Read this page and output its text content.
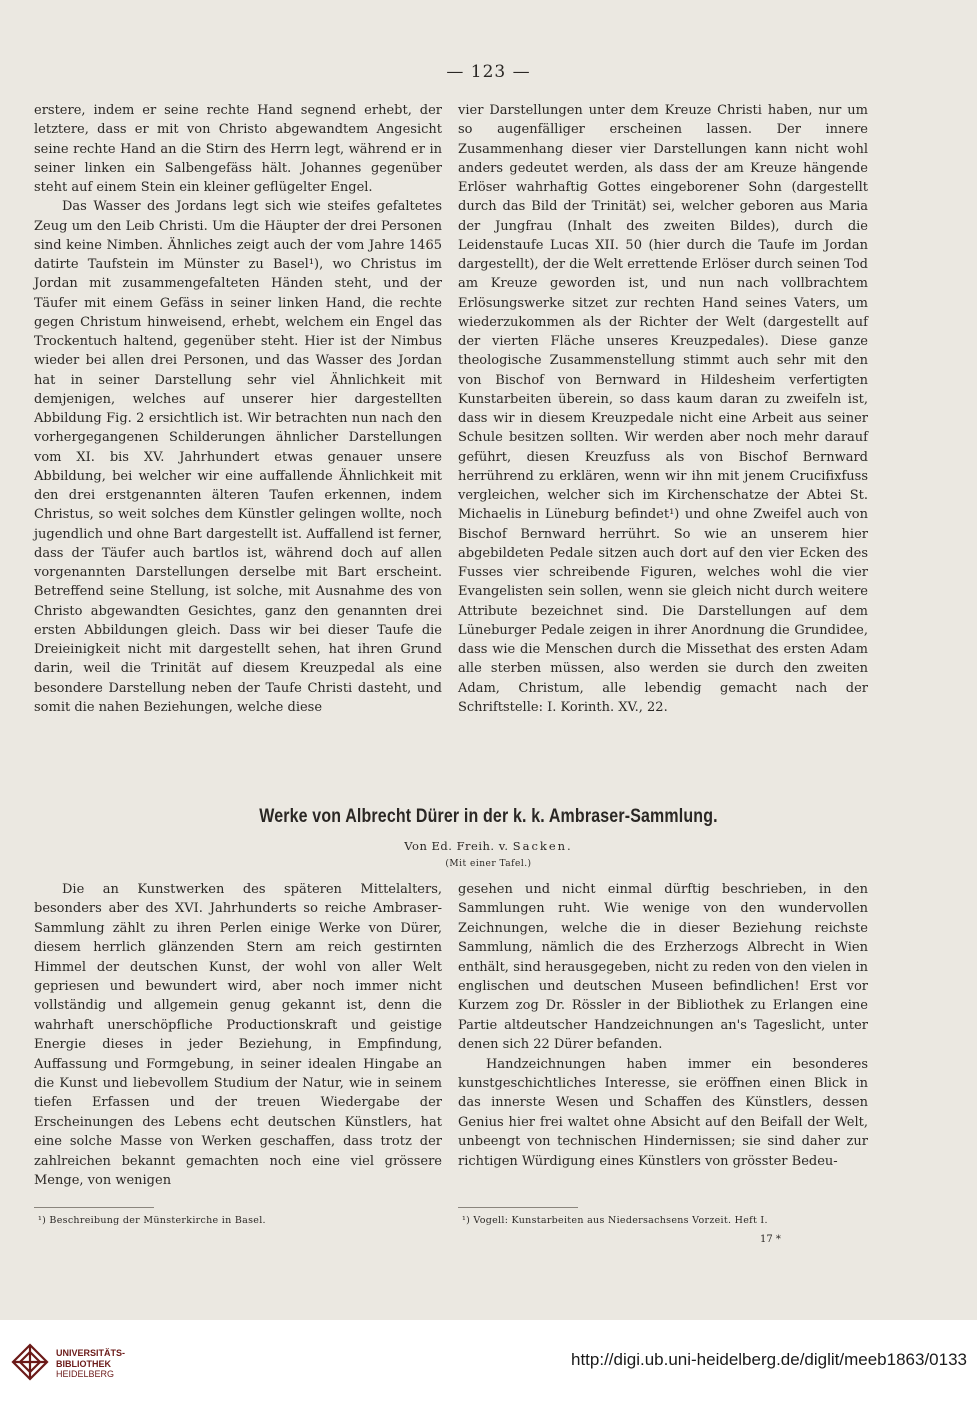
— 123 —

erstere, indem er seine rechte Hand segnend erhebt, der letztere, dass er mit von Christo abgewandtem Angesicht seine rechte Hand an die Stirn des Herrn legt, während er in seiner linken ein Salbengefäss hält. Johannes gegenüber steht auf einem Stein ein kleiner geflügelter Engel.

Das Wasser des Jordans legt sich wie steifes gefaltetes Zeug um den Leib Christi. Um die Häupter der drei Personen sind keine Nimben. Ähnliches zeigt auch der vom Jahre 1465 datirte Taufstein im Münster zu Basel¹), wo Christus im Jordan mit zusammengefalteten Händen steht, und der Täufer mit einem Gefäss in seiner linken Hand, die rechte gegen Christum hinweisend, erhebt, welchem ein Engel das Trockentuch haltend, gegenüber steht. Hier ist der Nimbus wieder bei allen drei Personen, und das Wasser des Jordan hat in seiner Darstellung sehr viel Ähnlichkeit mit demjenigen, welches auf unserer hier dargestellten Abbildung Fig. 2 ersichtlich ist. Wir betrachten nun nach den vorhergegangenen Schilderungen ähnlicher Darstellungen vom XI. bis XV. Jahrhundert etwas genauer unsere Abbildung, bei welcher wir eine auffallende Ähnlichkeit mit den drei erstgenannten älteren Taufen erkennen, indem Christus, so weit solches dem Künstler gelingen wollte, noch jugendlich und ohne Bart dargestellt ist. Auffallend ist ferner, dass der Täufer auch bartlos ist, während doch auf allen vorgenannten Darstellungen derselbe mit Bart erscheint. Betreffend seine Stellung, ist solche, mit Ausnahme des von Christo abgewandten Gesichtes, ganz den genannten drei ersten Abbildungen gleich. Dass wir bei dieser Taufe die Dreieinigkeit nicht mit dargestellt sehen, hat ihren Grund darin, weil die Trinität auf diesem Kreuzpedal als eine besondere Darstellung neben der Taufe Christi dasteht, und somit die nahen Beziehungen, welche diese

vier Darstellungen unter dem Kreuze Christi haben, nur um so augenfälliger erscheinen lassen. Der innere Zusammenhang dieser vier Darstellungen kann nicht wohl anders gedeutet werden, als dass der am Kreuze hängende Erlöser wahrhaftig Gottes eingeborener Sohn (dargestellt durch das Bild der Trinität) sei, welcher geboren aus Maria der Jungfrau (Inhalt des zweiten Bildes), durch die Leidenstaufe Lucas XII. 50 (hier durch die Taufe im Jordan dargestellt), der die Welt errettende Erlöser durch seinen Tod am Kreuze geworden ist, und nun nach vollbrachtem Erlösungswerke sitzet zur rechten Hand seines Vaters, um wiederzukommen als der Richter der Welt (dargestellt auf der vierten Fläche unseres Kreuzpedales). Diese ganze theologische Zusammenstellung stimmt auch sehr mit den von Bischof von Bernward in Hildesheim verfertigten Kunstarbeiten überein, so dass kaum daran zu zweifeln ist, dass wir in diesem Kreuzpedale nicht eine Arbeit aus seiner Schule besitzen sollten. Wir werden aber noch mehr darauf geführt, diesen Kreuzfuss als von Bischof Bernward herrührend zu erklären, wenn wir ihn mit jenem Crucifixfuss vergleichen, welcher sich im Kirchenschatze der Abtei St. Michaelis in Lüneburg befindet¹) und ohne Zweifel auch von Bischof Bernward herrührt. So wie an unserem hier abgebildeten Pedale sitzen auch dort auf den vier Ecken des Fusses vier schreibende Figuren, welches wohl die vier Evangelisten sein sollen, wenn sie gleich nicht durch weitere Attribute bezeichnet sind. Die Darstellungen auf dem Lüneburger Pedale zeigen in ihrer Anordnung die Grundidee, dass wie die Menschen durch die Missethat des ersten Adam alle sterben müssen, also werden sie durch den zweiten Adam, Christum, alle lebendig gemacht nach der Schriftstelle: I. Korinth. XV., 22.

Werke von Albrecht Dürer in der k. k. Ambraser-Sammlung.
Von Ed. Freih. v. Sacken.
(Mit einer Tafel.)

Die an Kunstwerken des späteren Mittelalters, besonders aber des XVI. Jahrhunderts so reiche Ambraser-Sammlung zählt zu ihren Perlen einige Werke von Dürer, diesem herrlich glänzenden Stern am reich gestirnten Himmel der deutschen Kunst, der wohl von aller Welt gepriesen und bewundert wird, aber noch immer nicht vollständig und allgemein genug gekannt ist, denn die wahrhaft unerschöpfliche Productionskraft und geistige Energie dieses in jeder Beziehung, in Empfindung, Auffassung und Formgebung, in seiner idealen Hingabe an die Kunst und liebevollem Studium der Natur, wie in seinem tiefen Erfassen und der treuen Wiedergabe der Erscheinungen des Lebens echt deutschen Künstlers, hat eine solche Masse von Werken geschaffen, dass trotz der zahlreichen bekannt gemachten noch eine viel grössere Menge, von wenigen

gesehen und nicht einmal dürftig beschrieben, in den Sammlungen ruht. Wie wenige von den wundervollen Zeichnungen, welche die in dieser Beziehung reichste Sammlung, nämlich die des Erzherzogs Albrecht in Wien enthält, sind herausgegeben, nicht zu reden von den vielen in englischen und deutschen Museen befindlichen! Erst vor Kurzem zog Dr. Rössler in der Bibliothek zu Erlangen eine Partie altdeutscher Handzeichnungen an's Tageslicht, unter denen sich 22 Dürer befanden.

Handzeichnungen haben immer ein besonderes kunstgeschichtliches Interesse, sie eröffnen einen Blick in das innerste Wesen und Schaffen des Künstlers, dessen Genius hier frei waltet ohne Absicht auf den Beifall der Welt, unbeengt von technischen Hindernissen; sie sind daher zur richtigen Würdigung eines Künstlers von grösster Bedeu-

¹) Beschreibung der Münsterkirche in Basel.	¹) Vogell: Kunstarbeiten aus Niedersachsens Vorzeit. Heft I.
17 *
UNIVERSITÄTS-
BIBLIOTHEK
HEIDELBERG
http://digi.ub.uni-heidelberg.de/diglit/meeb1863/0133
